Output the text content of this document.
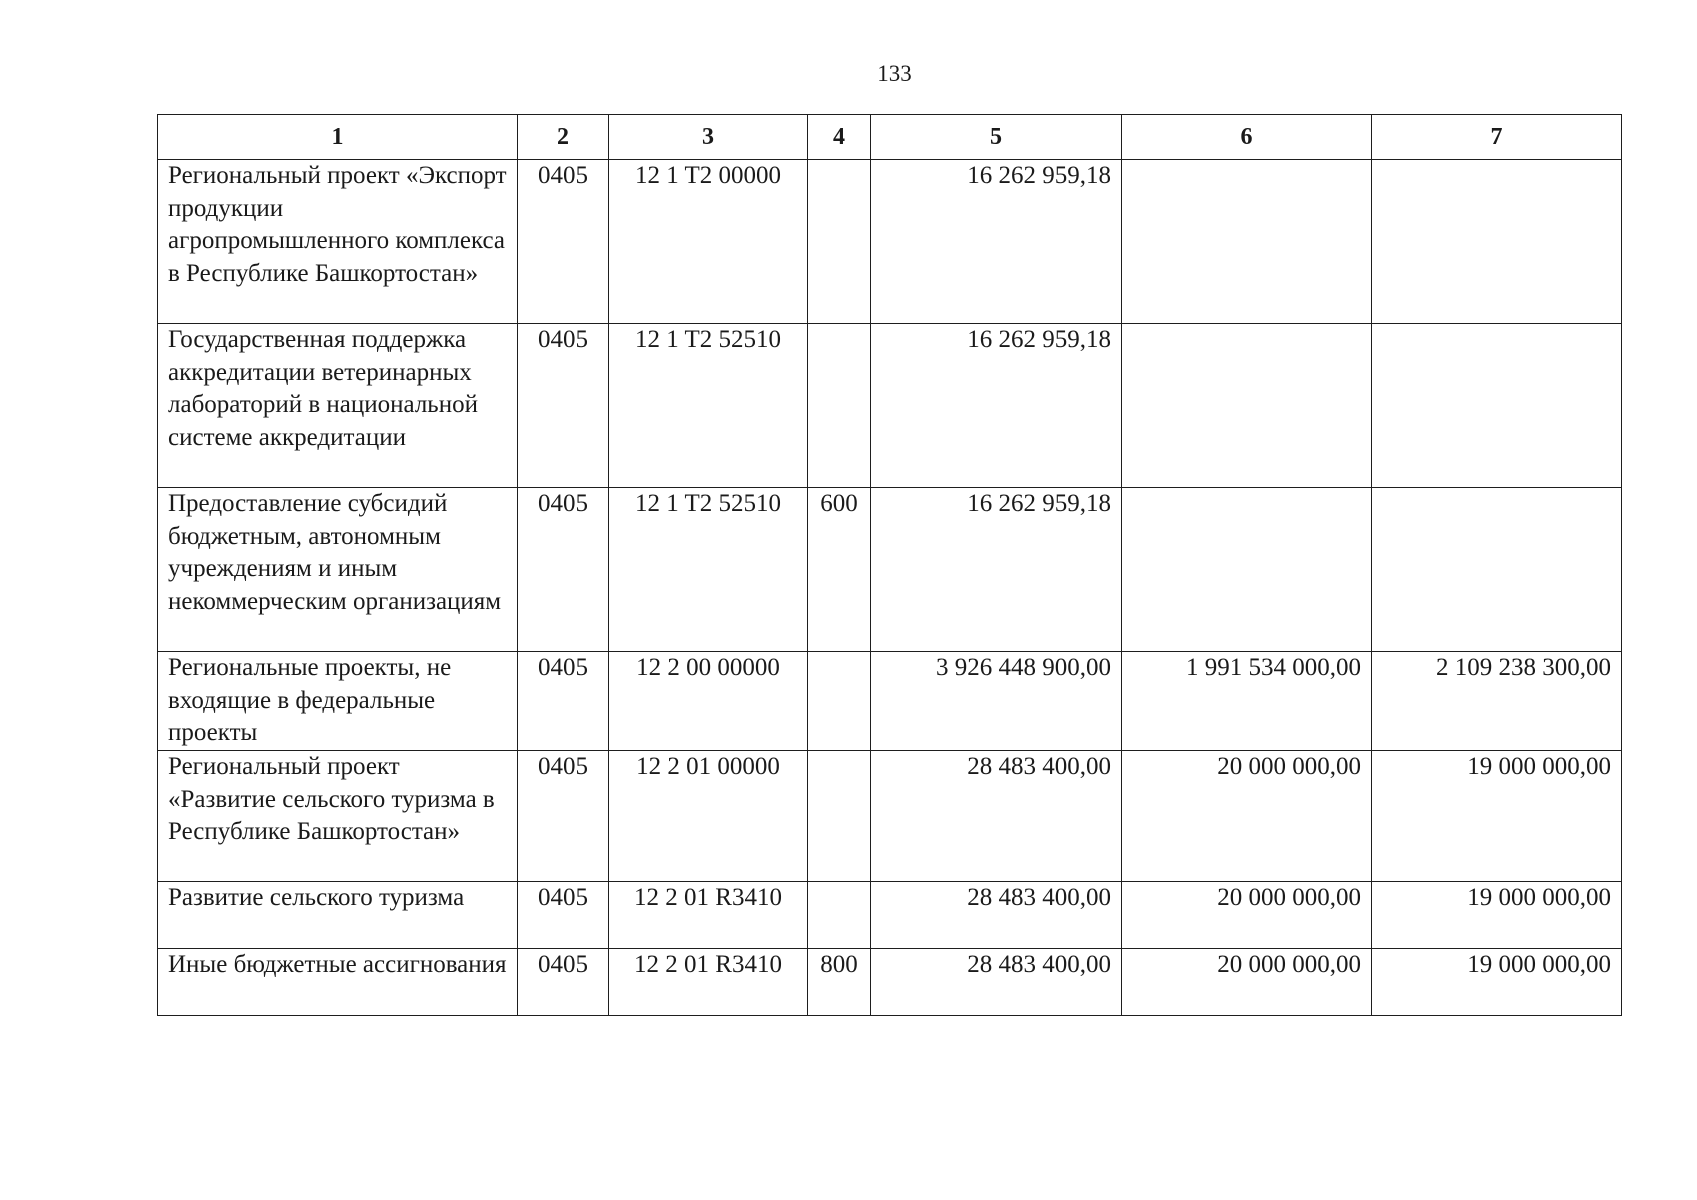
133
1	2	3	4	5	6	7
Региональный проект «Экспорт продукции агропромышленного комплекса в Республике Башкортостан»	0405	12 1 T2 00000		16 262 959,18		
Государственная поддержка аккредитации ветеринарных лабораторий в национальной системе аккредитации	0405	12 1 T2 52510		16 262 959,18		
Предоставление субсидий бюджетным, автономным учреждениям и иным некоммерческим организациям	0405	12 1 T2 52510	600	16 262 959,18		
Региональные проекты, не входящие в федеральные проекты	0405	12 2 00 00000		3 926 448 900,00	1 991 534 000,00	2 109 238 300,00
Региональный проект «Развитие сельского туризма в Республике Башкортостан»	0405	12 2 01 00000		28 483 400,00	20 000 000,00	19 000 000,00
Развитие сельского туризма	0405	12 2 01 R3410		28 483 400,00	20 000 000,00	19 000 000,00
Иные бюджетные ассигнования	0405	12 2 01 R3410	800	28 483 400,00	20 000 000,00	19 000 000,00
